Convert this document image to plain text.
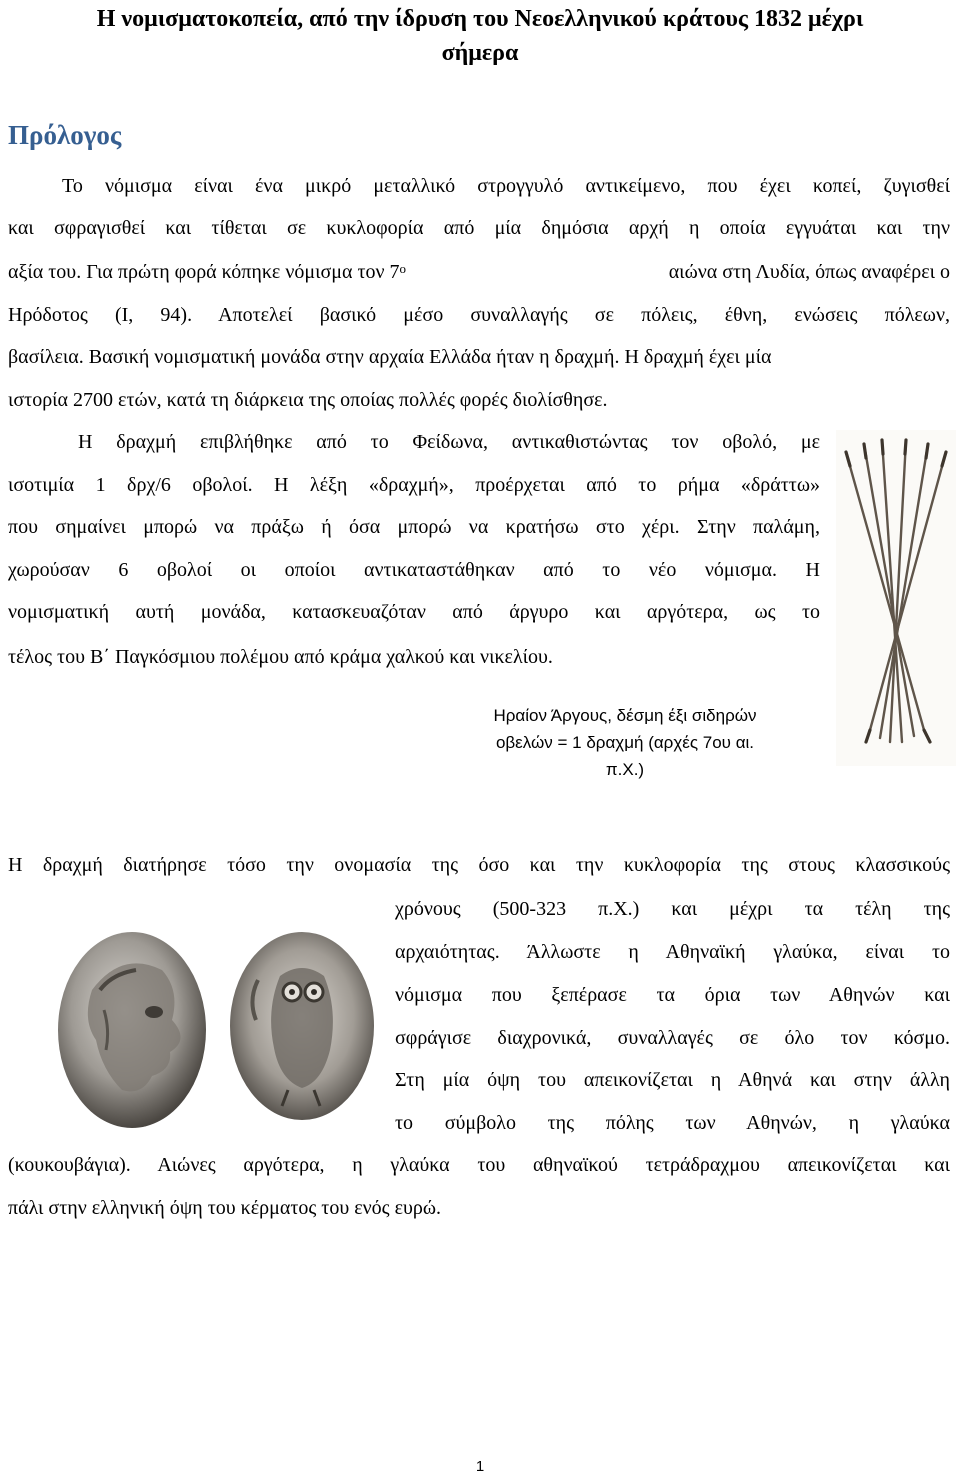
Η νομισματοκοπεία, από την ίδρυση του Νεοελληνικού κράτους 1832 μέχρι
σήμερα
Πρόλογος
Το νόμισμα είναι ένα μικρό μεταλλικό στρογγυλό αντικείμενο, που έχει κοπεί, ζυγισθεί
και σφραγισθεί και τίθεται σε κυκλοφορία από μία δημόσια αρχή η οποία εγγυάται και την
αξία του. Για πρώτη φορά κόπηκε νόμισμα τον $7^o$	αιώνα στη Λυδία, όπως αναφέρει ο
Ηρόδοτος (I, 94). Αποτελεί βασικό μέσο συναλλαγής σε πόλεις, έθνη, ενώσεις πόλεων,
βασίλεια. Βασική νομισματική μονάδα στην αρχαία Ελλάδα ήταν η δραχμή. Η δραχμή έχει μία
ιστορία 2700 ετών, κατά τη διάρκεια της οποίας πολλές φορές διολίσθησε.
Η δραχμή επιβλήθηκε από το Φείδωνα, αντικαθιστώντας τον οβολό, με
ισοτιμία 1 δρχ/6 οβολοί. Η λέξη «δραχμή», προέρχεται από το ρήμα «δράττω»
που σημαίνει μπορώ να πράξω ή όσα μπορώ να κρατήσω στο χέρι. Στην παλάμη,
χωρούσαν 6 οβολοί οι οποίοι αντικαταστάθηκαν από το νέο νόμισμα. Η
νομισματική αυτή μονάδα, κατασκευαζόταν από άργυρο και αργότερα, ως το
τέλος του Β΄ Παγκόσμιου πολέμου από κράμα χαλκού και νικελίου.
Ηραίον Άργους, δέσμη έξι σιδηρών
οβελών = 1 δραχμή (αρχές 7ου αι.
π.Χ.)
Η δραχμή διατήρησε τόσο την ονομασία της όσο και την κυκλοφορία της στους κλασσικούς
χρόνους (500-323 π.Χ.) και μέχρι τα τέλη της
αρχαιότητας. Άλλωστε η Αθηναϊκή γλαύκα, είναι το
νόμισμα που ξεπέρασε τα όρια των Αθηνών και
σφράγισε διαχρονικά, συναλλαγές σε όλο τον κόσμο.
Στη μία όψη του απεικονίζεται η Αθηνά και στην άλλη
το σύμβολο της πόλης των Αθηνών, η γλαύκα
(κουκουβάγια). Αιώνες αργότερα, η γλαύκα του αθηναϊκού τετράδραχμου απεικονίζεται και
πάλι στην ελληνική όψη του κέρματος του ενός ευρώ.
1
